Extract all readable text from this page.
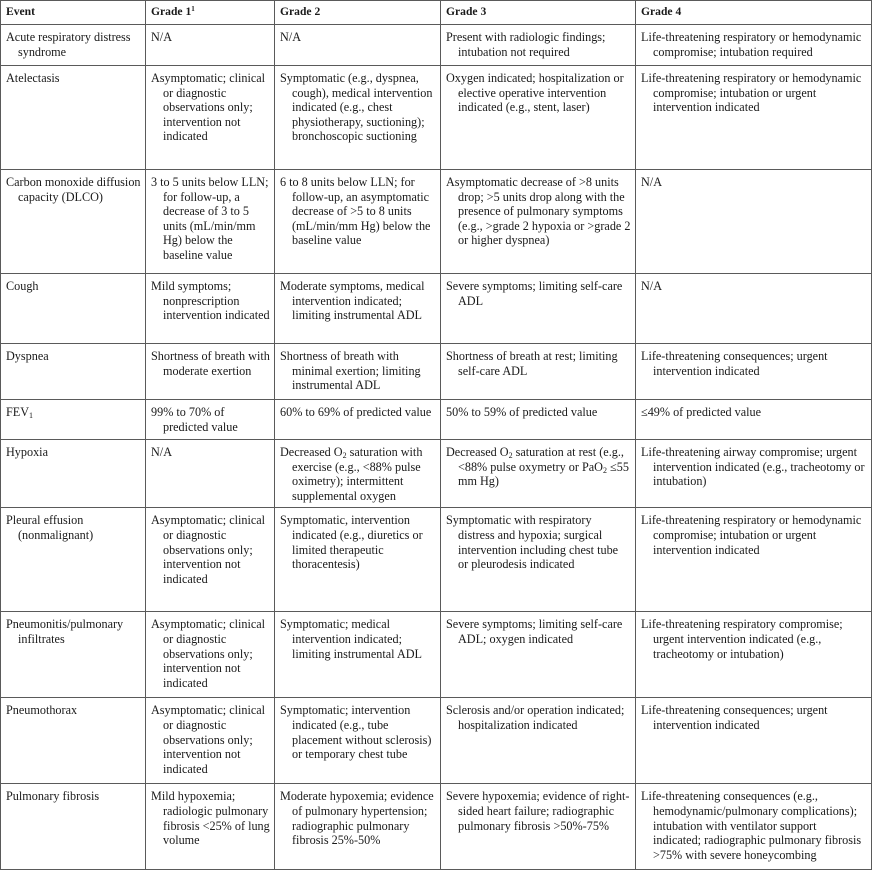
Event	Grade $1^1$	Grade 2	Grade 3	Grade 4

Acute respiratory distress syndrome	N/A	N/A	Present with radiologic findings; intubation not required	Life-threatening respiratory or hemodynamic compromise; intubation required

Atelectasis	Asymptomatic; clinical or diagnostic observations only; intervention not indicated	Symptomatic (e.g., dyspnea, cough), medical intervention indicated (e.g., chest physiotherapy, suctioning); bronchoscopic suctioning	Oxygen indicated; hospitalization or elective operative intervention indicated (e.g., stent, laser)	Life-threatening respiratory or hemodynamic compromise; intubation or urgent intervention indicated

Carbon monoxide diffusion capacity (DLCO)	3 to 5 units below LLN; for follow-up, a decrease of 3 to 5 units (mL/min/mm Hg) below the baseline value	6 to 8 units below LLN; for follow-up, an asymptomatic decrease of >5 to 8 units (mL/min/mm Hg) below the baseline value	Asymptomatic decrease of >8 units drop; >5 units drop along with the presence of pulmonary symptoms (e.g., >grade 2 hypoxia or >grade 2 or higher dyspnea)	N/A

Cough	Mild symptoms; nonprescription intervention indicated	Moderate symptoms, medical intervention indicated; limiting instrumental ADL	Severe symptoms; limiting self-care ADL	N/A

Dyspnea	Shortness of breath with moderate exertion	Shortness of breath with minimal exertion; limiting instrumental ADL	Shortness of breath at rest; limiting self-care ADL	Life-threatening consequences; urgent intervention indicated

$FEV_1$	99% to 70% of predicted value	60% to 69% of predicted value	50% to 59% of predicted value	≤49% of predicted value

Hypoxia	N/A	Decreased $O_2$ saturation with exercise (e.g., <88% pulse oximetry); intermittent supplemental oxygen	Decreased $O_2$ saturation at rest (e.g., <88% pulse oxymetry or PaO$_2$ ≤55 mm Hg)	Life-threatening airway compromise; urgent intervention indicated (e.g., tracheotomy or intubation)

Pleural effusion (nonmalignant)	Asymptomatic; clinical or diagnostic observations only; intervention not indicated	Symptomatic, intervention indicated (e.g., diuretics or limited therapeutic thoracentesis)	Symptomatic with respiratory distress and hypoxia; surgical intervention including chest tube or pleurodesis indicated	Life-threatening respiratory or hemodynamic compromise; intubation or urgent intervention indicated

Pneumonitis/pulmonary infiltrates	Asymptomatic; clinical or diagnostic observations only; intervention not indicated	Symptomatic; medical intervention indicated; limiting instrumental ADL	Severe symptoms; limiting self-care ADL; oxygen indicated	Life-threatening respiratory compromise; urgent intervention indicated (e.g., tracheotomy or intubation)

Pneumothorax	Asymptomatic; clinical or diagnostic observations only; intervention not indicated	Symptomatic; intervention indicated (e.g., tube placement without sclerosis) or temporary chest tube	Sclerosis and/or operation indicated; hospitalization indicated	Life-threatening consequences; urgent intervention indicated

Pulmonary fibrosis	Mild hypoxemia; radiologic pulmonary fibrosis <25% of lung volume	Moderate hypoxemia; evidence of pulmonary hypertension; radiographic pulmonary fibrosis 25%-50%	Severe hypoxemia; evidence of right-sided heart failure; radiographic pulmonary fibrosis >50%-75%	Life-threatening consequences (e.g., hemodynamic/pulmonary complications); intubation with ventilator support indicated; radiographic pulmonary fibrosis >75% with severe honeycombing
